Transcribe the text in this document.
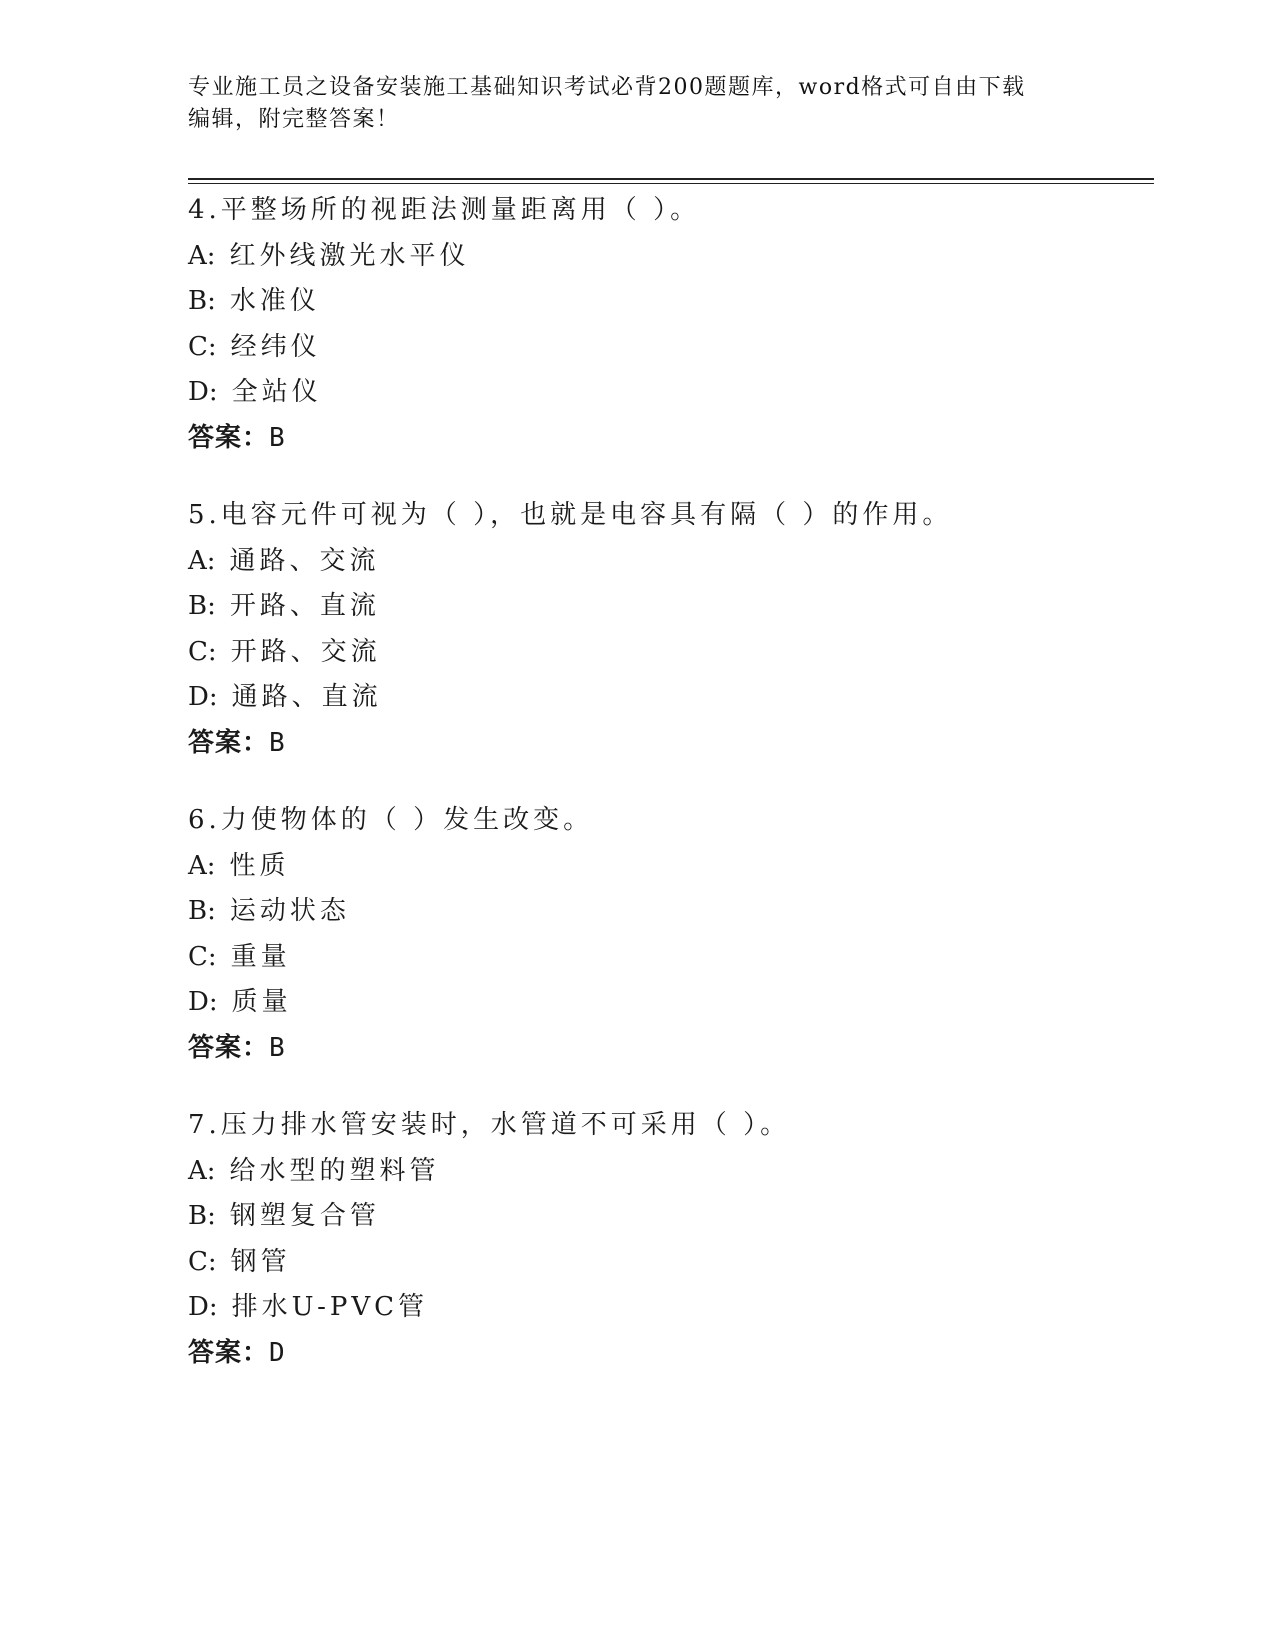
专业施工员之设备安装施工基础知识考试必背200题题库，word格式可自由下载
编辑，附完整答案！
4.平整场所的视距法测量距离用（ ）。
A: 红外线激光水平仪
B: 水准仪
C: 经纬仪
D: 全站仪
答案：B
5.电容元件可视为（ ），也就是电容具有隔（ ）的作用。
A: 通路、交流
B: 开路、直流
C: 开路、交流
D: 通路、直流
答案：B
6.力使物体的（ ）发生改变。
A: 性质
B: 运动状态
C: 重量
D: 质量
答案：B
7.压力排水管安装时，水管道不可采用（ ）。
A: 给水型的塑料管
B: 钢塑复合管
C: 钢管
D: 排水U-PVC管
答案：D
